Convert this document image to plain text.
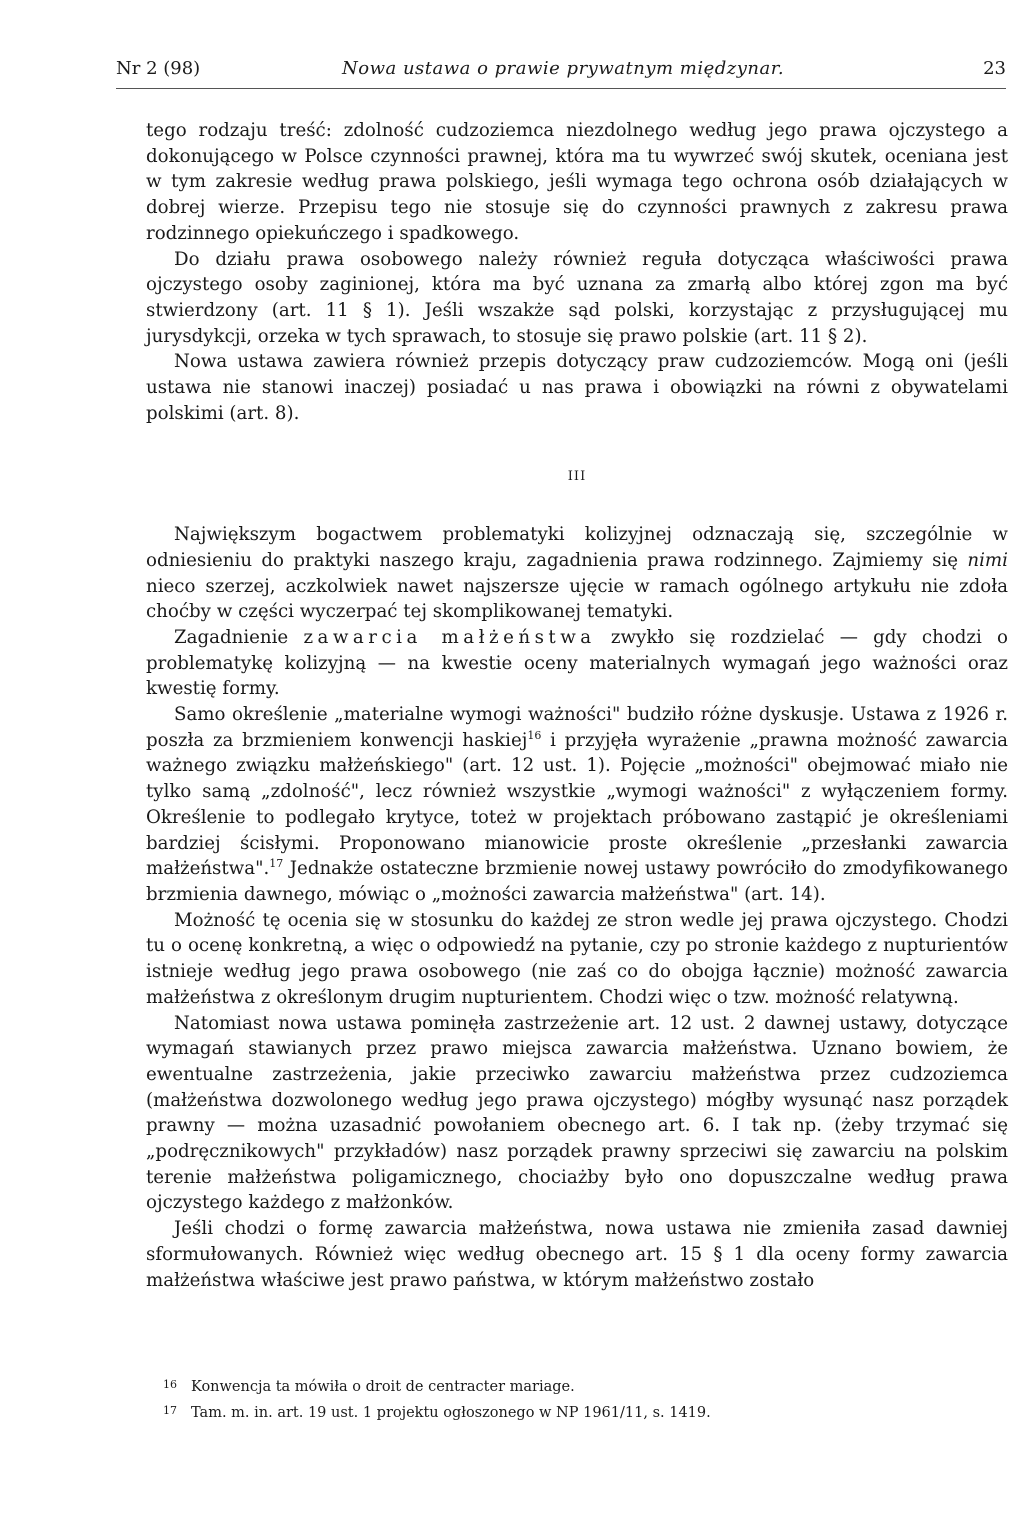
Nr 2 (98)	Nowa ustawa o prawie prywatnym międzynar.	23

tego rodzaju treść: zdolność cudzoziemca niezdolnego według jego prawa ojczystego a dokonującego w Polsce czynności prawnej, która ma tu wywrzeć swój skutek, oceniana jest w tym zakresie według prawa polskiego, jeśli wymaga tego ochrona osób działających w dobrej wierze. Przepisu tego nie stosuje się do czynności prawnych z zakresu prawa rodzinnego opiekuńczego i spadkowego.

Do działu prawa osobowego należy również reguła dotycząca właściwości prawa ojczystego osoby zaginionej, która ma być uznana za zmarłą albo której zgon ma być stwierdzony (art. 11 § 1). Jeśli wszakże sąd polski, korzystając z przysługującej mu jurysdykcji, orzeka w tych sprawach, to stosuje się prawo polskie (art. 11 § 2).

Nowa ustawa zawiera również przepis dotyczący praw cudzoziemców. Mogą oni (jeśli ustawa nie stanowi inaczej) posiadać u nas prawa i obowiązki na równi z obywatelami polskimi (art. 8).

III

Największym bogactwem problematyki kolizyjnej odznaczają się, szczególnie w odniesieniu do praktyki naszego kraju, zagadnienia prawa rodzinnego. Zajmiemy się nimi nieco szerzej, aczkolwiek nawet najszersze ujęcie w ramach ogólnego artykułu nie zdoła choćby w części wyczerpać tej skomplikowanej tematyki.

Zagadnienie zawarcia małżeństwa zwykło się rozdzielać — gdy chodzi o problematykę kolizyjną — na kwestie oceny materialnych wymagań jego ważności oraz kwestię formy.

Samo określenie „materialne wymogi ważności" budziło różne dyskusje. Ustawa z 1926 r. poszła za brzmieniem konwencji haskiej$^{16}$ i przyjęła wyrażenie „prawna możność zawarcia ważnego związku małżeńskiego" (art. 12 ust. 1). Pojęcie „możności" obejmować miało nie tylko samą „zdolność", lecz również wszystkie „wymogi ważności" z wyłączeniem formy. Określenie to podlegało krytyce, toteż w projektach próbowano zastąpić je określeniami bardziej ścisłymi. Proponowano mianowicie proste określenie „przesłanki zawarcia małżeństwa".$^{17}$ Jednakże ostateczne brzmienie nowej ustawy powróciło do zmodyfikowanego brzmienia dawnego, mówiąc o „możności zawarcia małżeństwa" (art. 14).

Możność tę ocenia się w stosunku do każdej ze stron wedle jej prawa ojczystego. Chodzi tu o ocenę konkretną, a więc o odpowiedź na pytanie, czy po stronie każdego z nupturientów istnieje według jego prawa osobowego (nie zaś co do obojga łącznie) możność zawarcia małżeństwa z określonym drugim nupturientem. Chodzi więc o tzw. możność relatywną.

Natomiast nowa ustawa pominęła zastrzeżenie art. 12 ust. 2 dawnej ustawy, dotyczące wymagań stawianych przez prawo miejsca zawarcia małżeństwa. Uznano bowiem, że ewentualne zastrzeżenia, jakie przeciwko zawarciu małżeństwa przez cudzoziemca (małżeństwa dozwolonego według jego prawa ojczystego) mógłby wysunąć nasz porządek prawny — można uzasadnić powołaniem obecnego art. 6. I tak np. (żeby trzymać się „podręcznikowych" przykładów) nasz porządek prawny sprzeciwi się zawarciu na polskim terenie małżeństwa poligamicznego, chociażby było ono dopuszczalne według prawa ojczystego każdego z małżonków.

Jeśli chodzi o formę zawarcia małżeństwa, nowa ustawa nie zmieniła zasad dawniej sformułowanych. Również więc według obecnego art. 15 § 1 dla oceny formy zawarcia małżeństwa właściwe jest prawo państwa, w którym małżeństwo zostało

16 Konwencja ta mówiła o droit de centracter mariage.
17 Tam. m. in. art. 19 ust. 1 projektu ogłoszonego w NP 1961/11, s. 1419.
